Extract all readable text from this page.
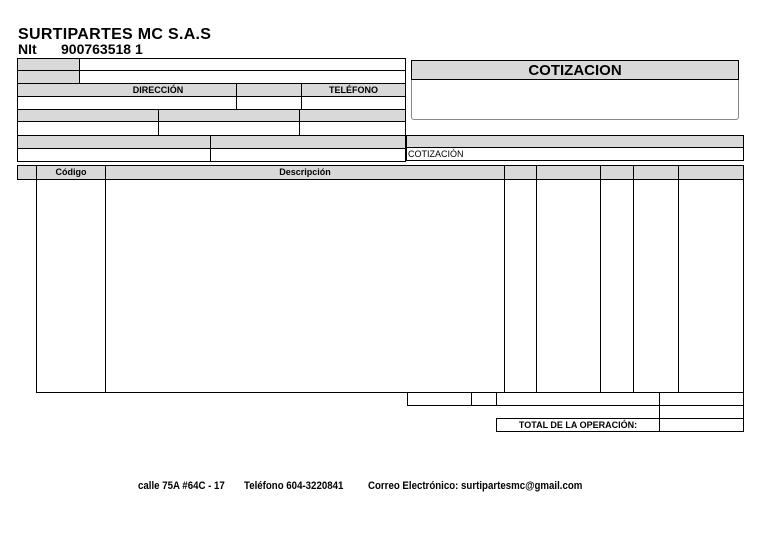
SURTIPARTES MC S.A.S
NIt 900763518 1
DIRECCIÓN	TELÉFONO
COTIZACION
COTIZACIÓN
Código	Descripción
TOTAL DE LA OPERACIÓN:
calle 75A #64C - 17 Teléfono 604-3220841 Correo Electrónico: surtipartesmc@gmail.com
